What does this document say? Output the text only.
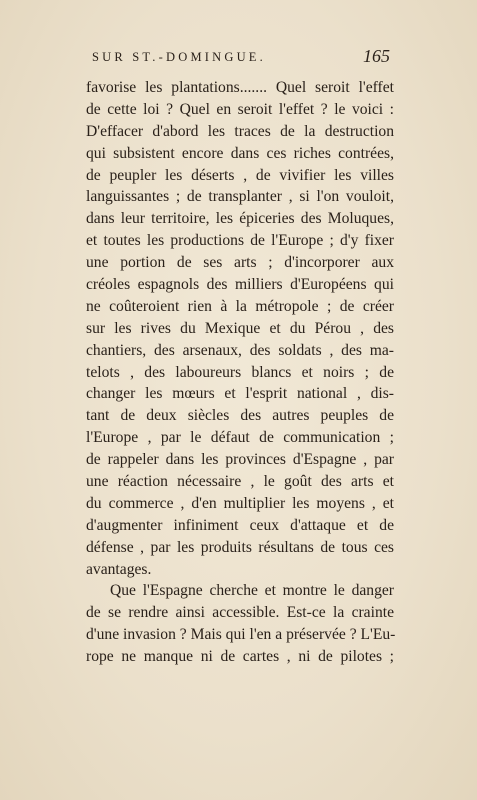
SUR ST.-DOMINGUE.	165
favorise les plantations....... Quel seroit l'effet
de cette loi ? Quel en seroit l'effet ? le voici :
D'effacer d'abord les traces de la destruction
qui subsistent encore dans ces riches contrées,
de peupler les déserts , de vivifier les villes
languissantes ; de transplanter , si l'on vouloit,
dans leur territoire, les épiceries des Moluques,
et toutes les productions de l'Europe ; d'y fixer
une portion de ses arts ; d'incorporer aux
créoles espagnols des milliers d'Européens qui
ne coûteroient rien à la métropole ; de créer
sur les rives du Mexique et du Pérou , des
chantiers, des arsenaux, des soldats , des ma-
telots , des laboureurs blancs et noirs ; de
changer les mœurs et l'esprit national , dis-
tant de deux siècles des autres peuples de
l'Europe , par le défaut de communication ;
de rappeler dans les provinces d'Espagne , par
une réaction nécessaire , le goût des arts et
du commerce , d'en multiplier les moyens , et
d'augmenter infiniment ceux d'attaque et de
défense , par les produits résultans de tous ces
avantages.
Que l'Espagne cherche et montre le danger
de se rendre ainsi accessible. Est-ce la crainte
d'une invasion ? Mais qui l'en a préservée ? L'Eu-
rope ne manque ni de cartes , ni de pilotes ;
